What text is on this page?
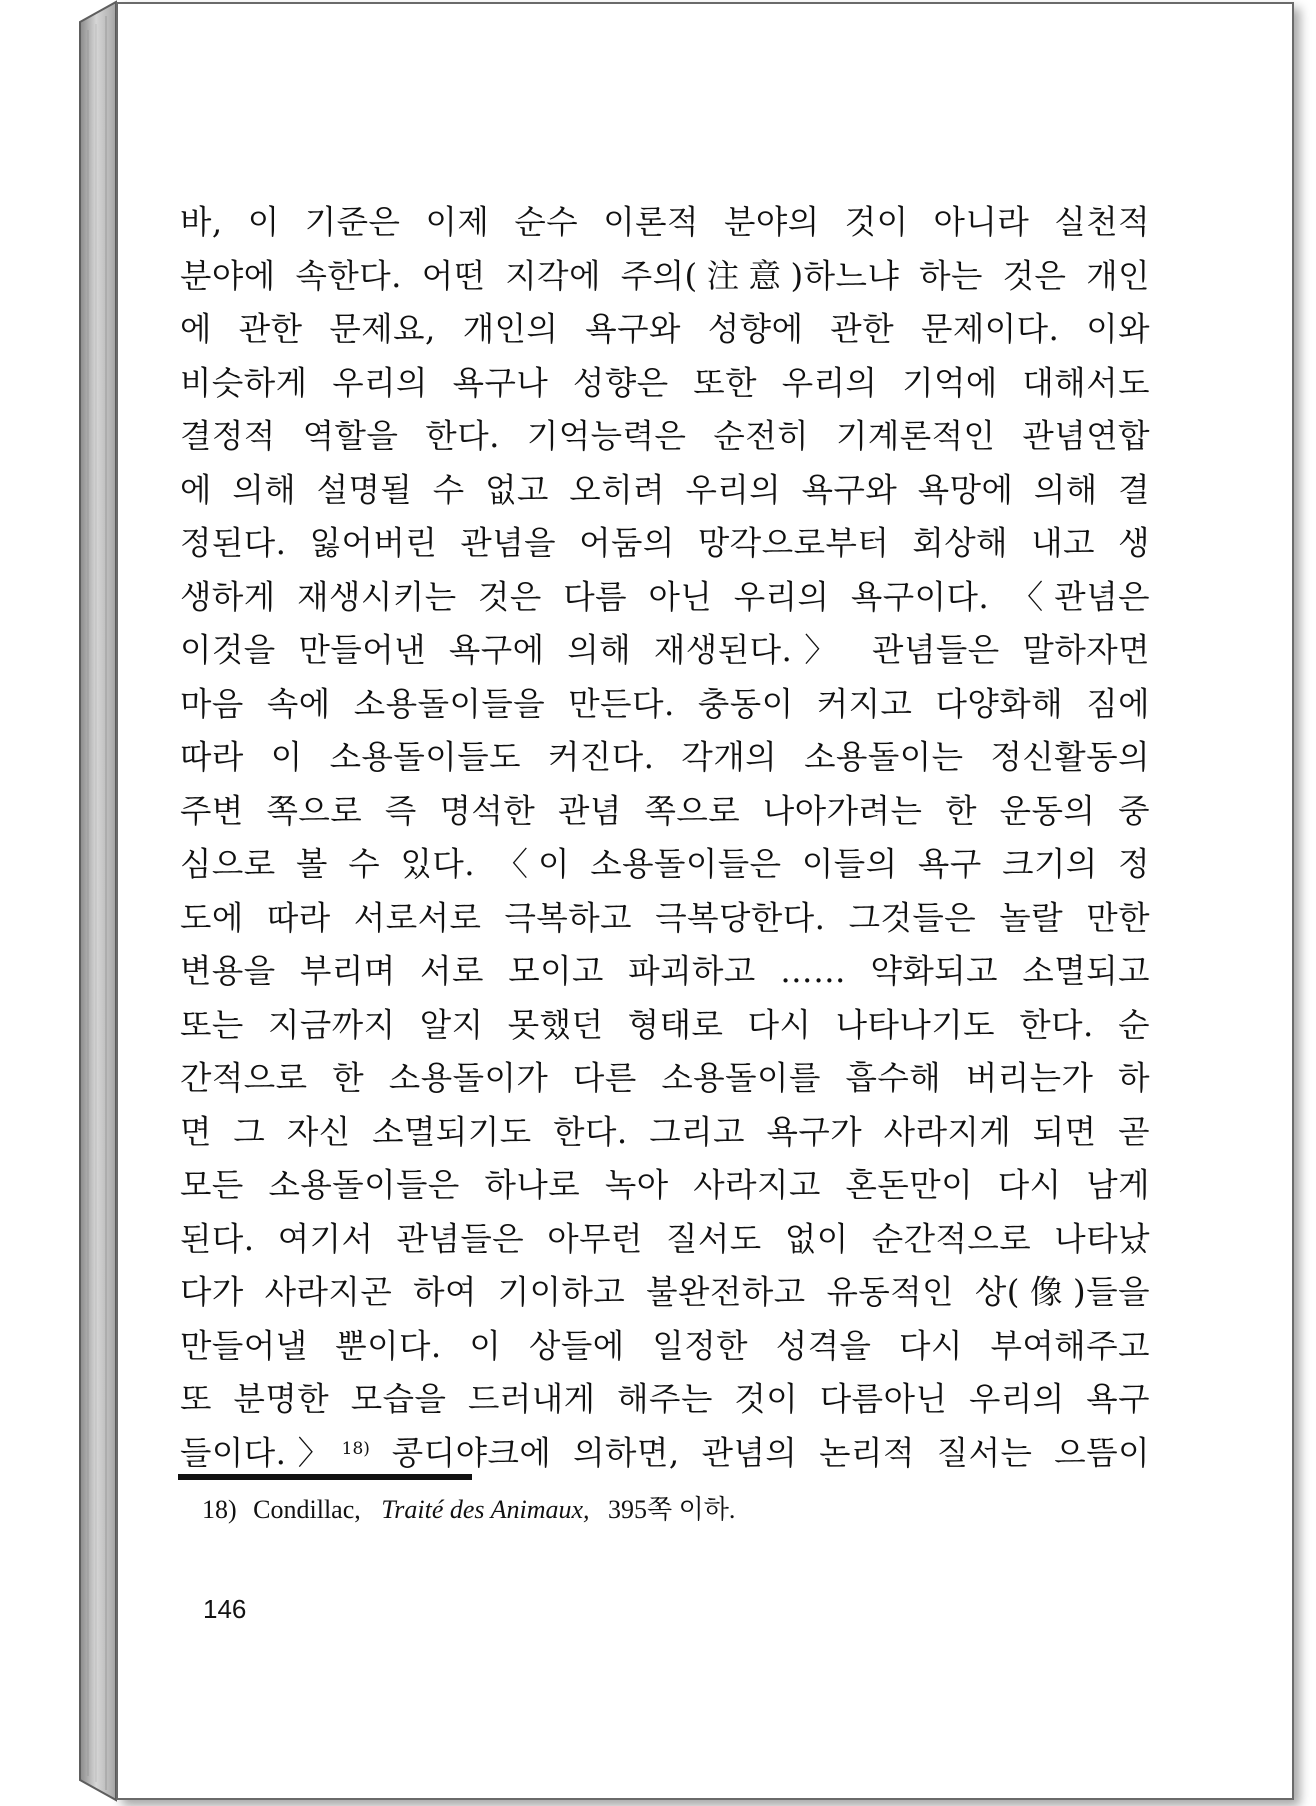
바, 이 기준은 이제 순수 이론적 분야의 것이 아니라 실천적
분야에 속한다. 어떤 지각에 주의(注意)하느냐 하는 것은 개인
에 관한 문제요, 개인의 욕구와 성향에 관한 문제이다. 이와
비슷하게 우리의 욕구나 성향은 또한 우리의 기억에 대해서도
결정적 역할을 한다. 기억능력은 순전히 기계론적인 관념연합
에 의해 설명될 수 없고 오히려 우리의 욕구와 욕망에 의해 결
정된다. 잃어버린 관념을 어둠의 망각으로부터 회상해 내고 생
생하게 재생시키는 것은 다름 아닌 우리의 욕구이다. 〈관념은
이것을 만들어낸 욕구에 의해 재생된다.〉 관념들은 말하자면
마음 속에 소용돌이들을 만든다. 충동이 커지고 다양화해 짐에
따라 이 소용돌이들도 커진다. 각개의 소용돌이는 정신활동의
주변 쪽으로 즉 명석한 관념 쪽으로 나아가려는 한 운동의 중
심으로 볼 수 있다. 〈이 소용돌이들은 이들의 욕구 크기의 정
도에 따라 서로서로 극복하고 극복당한다. 그것들은 놀랄 만한
변용을 부리며 서로 모이고 파괴하고 …… 약화되고 소멸되고
또는 지금까지 알지 못했던 형태로 다시 나타나기도 한다. 순
간적으로 한 소용돌이가 다른 소용돌이를 흡수해 버리는가 하
면 그 자신 소멸되기도 한다. 그리고 욕구가 사라지게 되면 곧
모든 소용돌이들은 하나로 녹아 사라지고 혼돈만이 다시 남게
된다. 여기서 관념들은 아무런 질서도 없이 순간적으로 나타났
다가 사라지곤 하여 기이하고 불완전하고 유동적인 상(像)들을
만들어낼 뿐이다. 이 상들에 일정한 성격을 다시 부여해주고
또 분명한 모습을 드러내게 해주는 것이 다름아닌 우리의 욕구
들이다.〉$^{18)}$ 콩디야크에 의하면, 관념의 논리적 질서는 으뜸이
18) Condillac, Traité des Animaux, 395쪽 이하.
146
